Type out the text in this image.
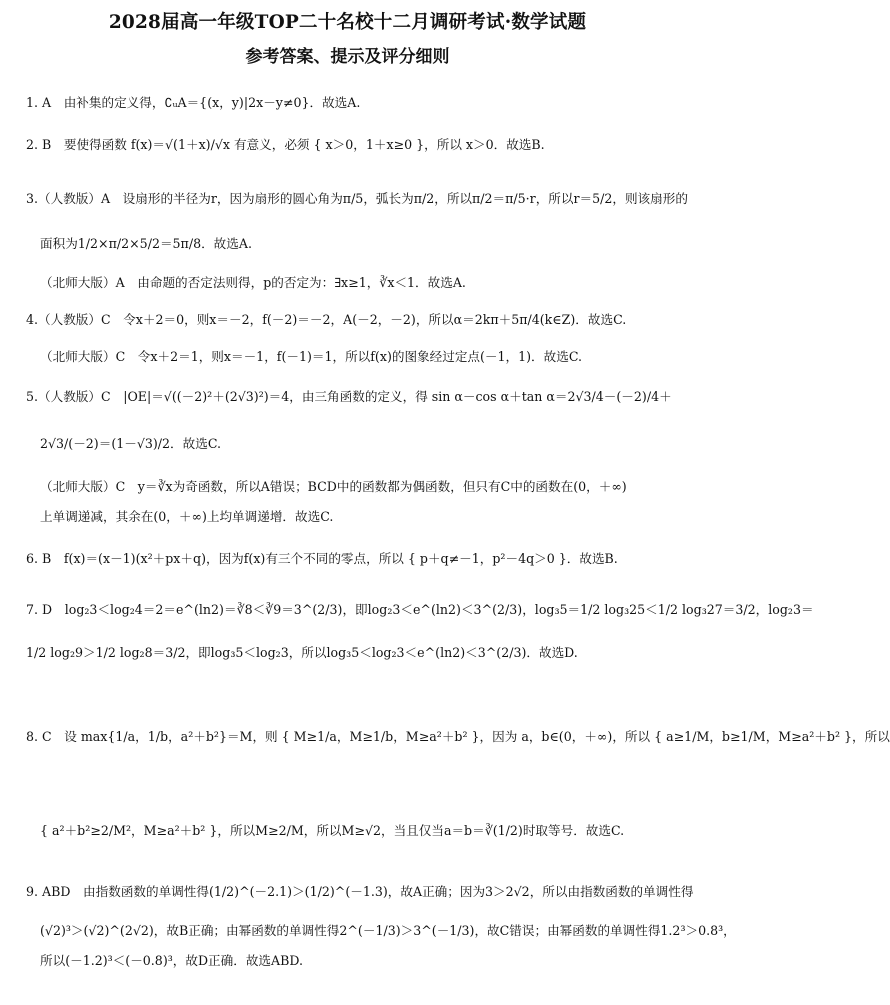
2028届高一年级TOP二十名校十二月调研考试·数学试题
参考答案、提示及评分细则
1. A　由补集的定义得，∁ᵤA＝{(x，y)|2x－y≠0}．故选A.
2. B　要使得函数 f(x)＝√(1＋x)/√x 有意义，必须 { x＞0，1＋x≥0 }，所以 x＞0．故选B.
3.（人教版）A　设扇形的半径为r，因为扇形的圆心角为π/5，弧长为π/2，所以π/2＝π/5·r，所以r＝5/2，则该扇形的
面积为1/2×π/2×5/2＝5π/8．故选A.
（北师大版）A　由命题的否定法则得，p的否定为：∃x≥1，∛x＜1．故选A.
4.（人教版）C　令x＋2＝0，则x＝－2，f(－2)＝－2，A(－2，－2)，所以α＝2kπ＋5π/4(k∈Z)．故选C.
（北师大版）C　令x＋2＝1，则x＝－1，f(－1)＝1，所以f(x)的图象经过定点(－1，1)．故选C.
5.（人教版）C　|OE|＝√((－2)²＋(2√3)²)＝4，由三角函数的定义，得 sin α－cos α＋tan α＝2√3/4－(－2)/4＋
2√3/(－2)＝(1－√3)/2．故选C.
（北师大版）C　y＝∛x为奇函数，所以A错误；BCD中的函数都为偶函数，但只有C中的函数在(0，＋∞)
上单调递减，其余在(0，＋∞)上均单调递增．故选C.
6. B　f(x)＝(x－1)(x²＋px＋q)，因为f(x)有三个不同的零点，所以 { p＋q≠－1，p²－4q＞0 }．故选B.
7. D　log₂3＜log₂4＝2＝e^(ln2)＝∛8＜∛9＝3^(2/3)，即log₂3＜e^(ln2)＜3^(2/3)，log₃5＝1/2 log₃25＜1/2 log₃27＝3/2，log₂3＝
1/2 log₂9＞1/2 log₂8＝3/2，即log₃5＜log₂3，所以log₃5＜log₂3＜e^(ln2)＜3^(2/3)．故选D.
8. C　设 max{1/a，1/b，a²＋b²}＝M，则 { M≥1/a，M≥1/b，M≥a²＋b² }，因为 a，b∈(0，＋∞)，所以 { a≥1/M，b≥1/M，M≥a²＋b² }，所以
{ a²＋b²≥2/M²，M≥a²＋b² }，所以M≥2/M，所以M≥√2，当且仅当a＝b＝∛(1/2)时取等号．故选C.
9. ABD　由指数函数的单调性得(1/2)^(－2.1)＞(1/2)^(－1.3)，故A正确；因为3＞2√2，所以由指数函数的单调性得
(√2)³＞(√2)^(2√2)，故B正确；由幂函数的单调性得2^(－1/3)＞3^(－1/3)，故C错误；由幂函数的单调性得1.2³＞0.8³，
所以(－1.2)³＜(－0.8)³，故D正确．故选ABD.
